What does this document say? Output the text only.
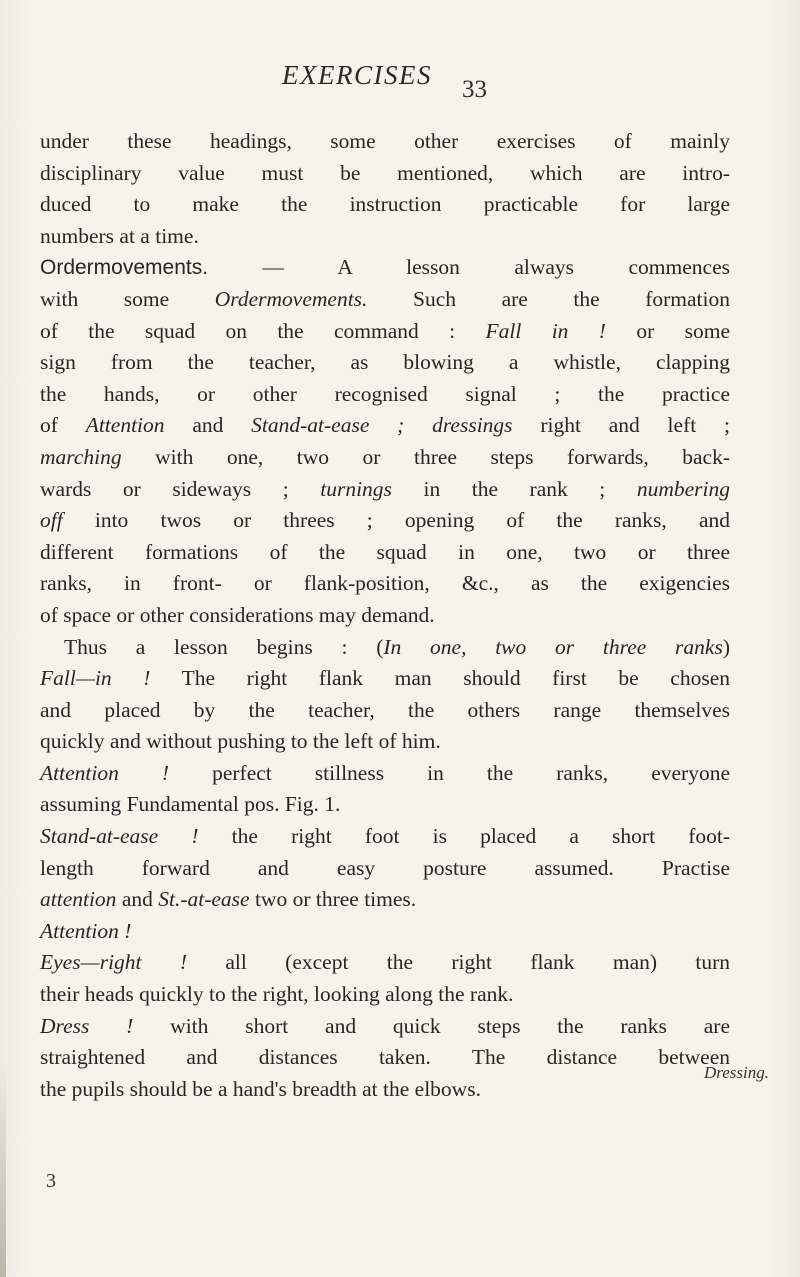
EXERCISES 33
under these headings, some other exercises of mainly
disciplinary value must be mentioned, which are intro-
duced to make the instruction practicable for large
numbers at a time.
Ordermovements. — A lesson always commences
with some Ordermovements. Such are the formation
of the squad on the command : Fall in ! or some
sign from the teacher, as blowing a whistle, clapping
the hands, or other recognised signal ; the practice
of Attention and Stand-at-ease ; dressings right and left ;
marching with one, two or three steps forwards, back-
wards or sideways ; turnings in the rank ; numbering
off into twos or threes ; opening of the ranks, and
different formations of the squad in one, two or three
ranks, in front- or flank-position, &c., as the exigencies
of space or other considerations may demand.
Thus a lesson begins : (In one, two or three ranks)
Fall—in ! The right flank man should first be chosen
and placed by the teacher, the others range themselves
quickly and without pushing to the left of him.
Attention ! perfect stillness in the ranks, everyone
assuming Fundamental pos. Fig. 1.
Stand-at-ease ! the right foot is placed a short foot-
length forward and easy posture assumed. Practise
attention and St.-at-ease two or three times.
Attention !
Eyes—right ! all (except the right flank man) turn
their heads quickly to the right, looking along the rank.
Dress ! with short and quick steps the ranks are
straightened and distances taken. The distance between
the pupils should be a hand's breadth at the elbows.
Dressing.
3
